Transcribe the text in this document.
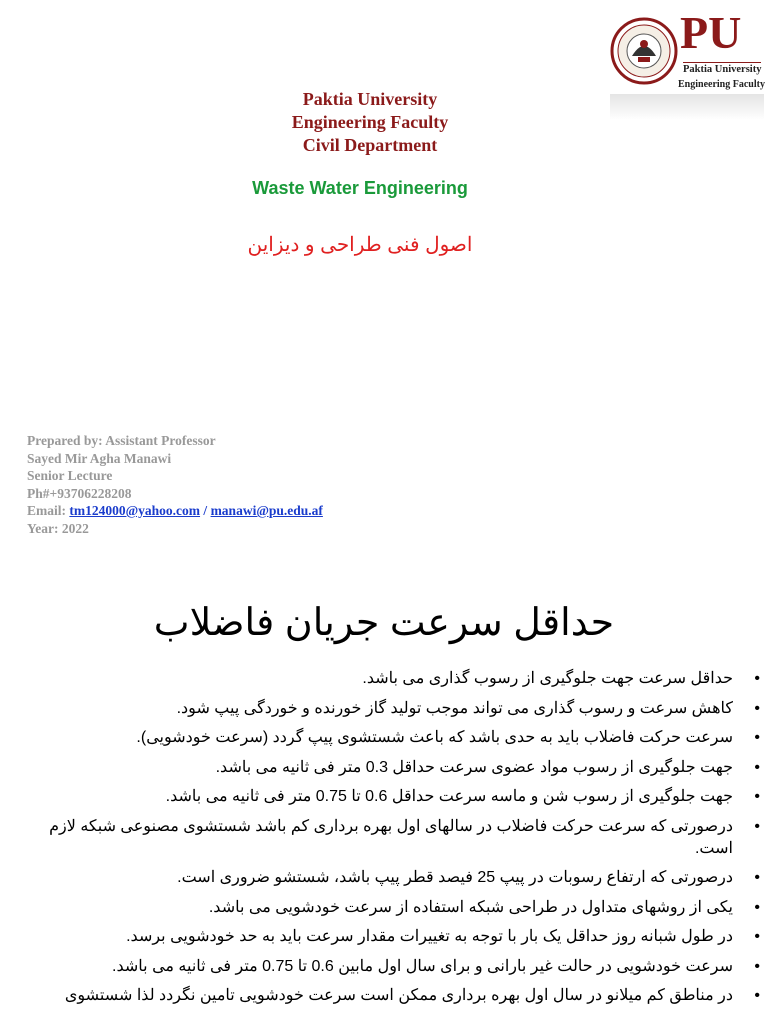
PU
Paktia University
Engineering Faculty
Paktia University
Engineering Faculty
Civil Department
Waste Water Engineering
اصول فنی طراحی و دیزاین
Prepared by: Assistant Professor
Sayed Mir Agha Manawi
Senior Lecture
Ph#+93706228208
Email: tm124000@yahoo.com / manawi@pu.edu.af
Year: 2022
حداقل سرعت جریان فاضلاب
• حداقل سرعت جهت جلوگیری از رسوب گذاری می باشد.
• کاهش سرعت و رسوب گذاری می تواند موجب تولید گاز خورنده و خوردگی پیپ شود.
• سرعت حرکت فاضلاب باید به حدی باشد که باعث شستشوی پیپ گردد (سرعت خودشویی).
• جهت جلوگیری از رسوب مواد عضوی سرعت حداقل 0.3 متر فی ثانیه می باشد.
• جهت جلوگیری از رسوب شن و ماسه سرعت حداقل 0.6 تا 0.75 متر فی ثانیه می باشد.
• درصورتی که سرعت حرکت فاضلاب در سالهای اول بهره برداری کم باشد شستشوی مصنوعی شبکه لازم است.
• درصورتی که ارتفاع رسوبات در پیپ 25 فیصد قطر پیپ باشد، شستشو ضروری است.
• یکی از روشهای متداول در طراحی شبکه استفاده از سرعت خودشویی می باشد.
• در طول شبانه روز حداقل یک بار با توجه به تغییرات مقدار سرعت باید به حد خودشویی برسد.
• سرعت خودشویی در حالت غیر بارانی و برای سال اول مابین 0.6 تا 0.75 متر فی ثانیه می باشد.
• در مناطق کم میلانو در سال اول بهره برداری ممکن است سرعت خودشویی تامین نگردد لذا شستشوی
